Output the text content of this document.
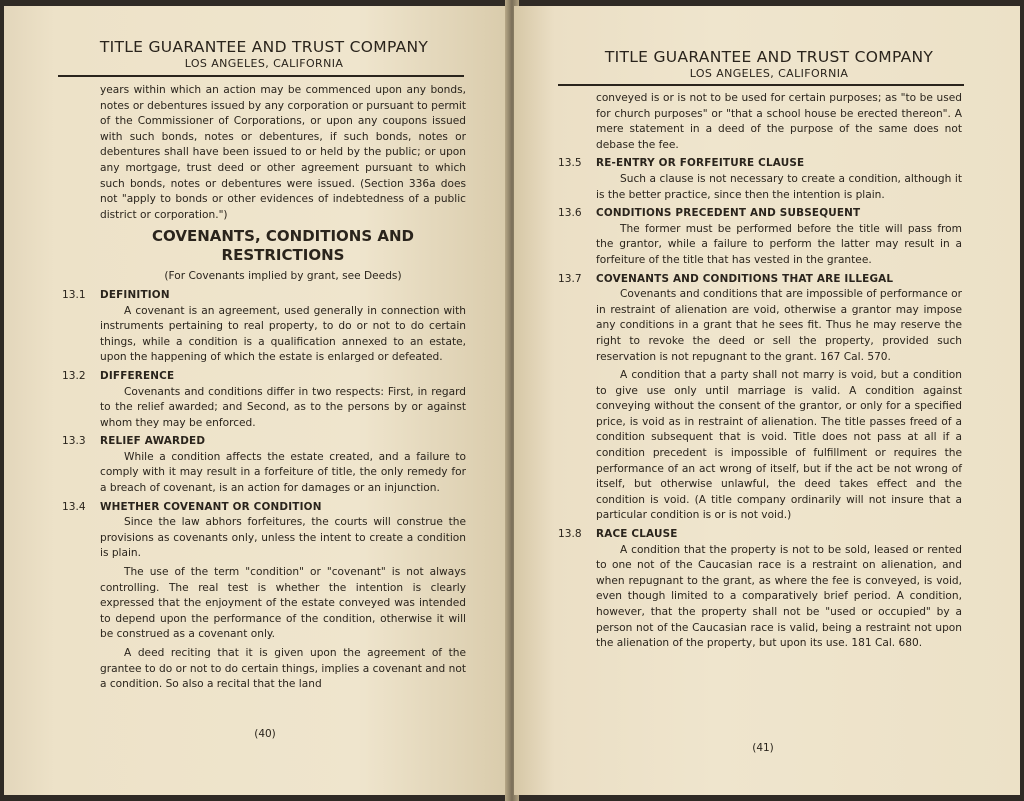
TITLE GUARANTEE AND TRUST COMPANY
LOS ANGELES, CALIFORNIA

years within which an action may be commenced upon any bonds, notes or debentures issued by any corporation or pursuant to permit of the Commissioner of Corporations, or upon any coupons issued with such bonds, notes or debentures, if such bonds, notes or debentures shall have been issued to or held by the public; or upon any mortgage, trust deed or other agreement pursuant to which such bonds, notes or debentures were issued. (Section 336a does not "apply to bonds or other evidences of indebtedness of a public district or corporation.")

COVENANTS, CONDITIONS AND
RESTRICTIONS
(For Covenants implied by grant, see Deeds)
13.1 DEFINITION

A covenant is an agreement, used generally in connection with instruments pertaining to real property, to do or not to do certain things, while a condition is a qualification annexed to an estate, upon the happening of which the estate is enlarged or defeated.

13.2 DIFFERENCE

Covenants and conditions differ in two respects: First, in regard to the relief awarded; and Second, as to the persons by or against whom they may be enforced.

13.3 RELIEF AWARDED

While a condition affects the estate created, and a failure to comply with it may result in a forfeiture of title, the only remedy for a breach of covenant, is an action for damages or an injunction.

13.4 WHETHER COVENANT OR CONDITION

Since the law abhors forfeitures, the courts will construe the provisions as covenants only, unless the intent to create a condition is plain.

The use of the term "condition" or "covenant" is not always controlling. The real test is whether the intention is clearly expressed that the enjoyment of the estate conveyed was intended to depend upon the performance of the condition, otherwise it will be construed as a covenant only.

A deed reciting that it is given upon the agreement of the grantee to do or not to do certain things, implies a covenant and not a condition. So also a recital that the land

(40)
TITLE GUARANTEE AND TRUST COMPANY
LOS ANGELES, CALIFORNIA

conveyed is or is not to be used for certain purposes; as "to be used for church purposes" or "that a school house be erected thereon". A mere statement in a deed of the purpose of the same does not debase the fee.

13.5 RE-ENTRY OR FORFEITURE CLAUSE

Such a clause is not necessary to create a condition, although it is the better practice, since then the intention is plain.

13.6 CONDITIONS PRECEDENT AND SUBSEQUENT

The former must be performed before the title will pass from the grantor, while a failure to perform the latter may result in a forfeiture of the title that has vested in the grantee.

13.7 COVENANTS AND CONDITIONS THAT ARE ILLEGAL

Covenants and conditions that are impossible of performance or in restraint of alienation are void, otherwise a grantor may impose any conditions in a grant that he sees fit. Thus he may reserve the right to revoke the deed or sell the property, provided such reservation is not repugnant to the grant. 167 Cal. 570.

A condition that a party shall not marry is void, but a condition to give use only until marriage is valid. A condition against conveying without the consent of the grantor, or only for a specified price, is void as in restraint of alienation. The title passes freed of a condition subsequent that is void. Title does not pass at all if a condition precedent is impossible of fulfillment or requires the performance of an act wrong of itself, but if the act be not wrong of itself, but otherwise unlawful, the deed takes effect and the condition is void. (A title company ordinarily will not insure that a particular condition is or is not void.)

13.8 RACE CLAUSE

A condition that the property is not to be sold, leased or rented to one not of the Caucasian race is a restraint on alienation, and when repugnant to the grant, as where the fee is conveyed, is void, even though limited to a comparatively brief period. A condition, however, that the property shall not be "used or occupied" by a person not of the Caucasian race is valid, being a restraint not upon the alienation of the property, but upon its use. 181 Cal. 680.

(41)
